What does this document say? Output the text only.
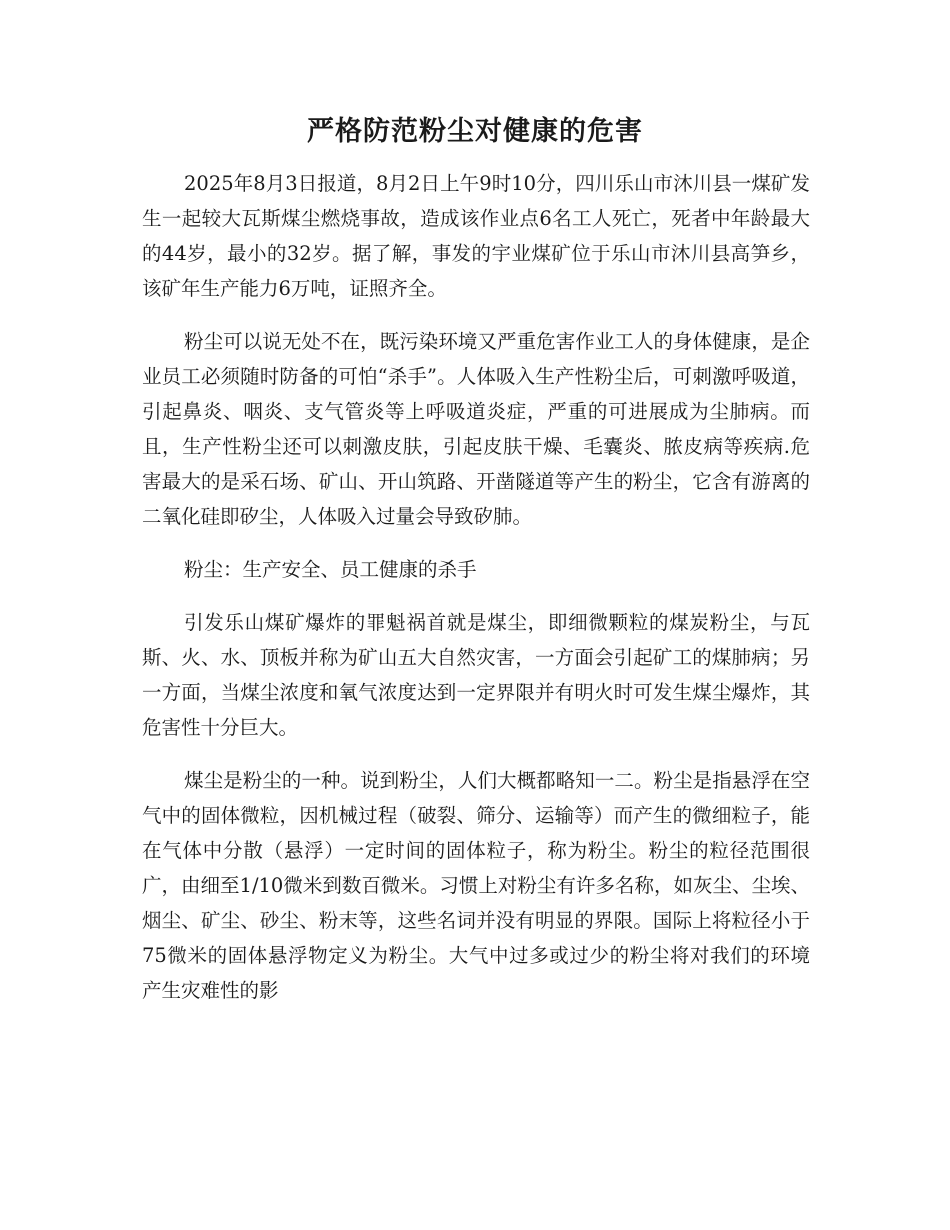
严格防范粉尘对健康的危害

2025年8月3日报道，8月2日上午9时10分，四川乐山市沐川县一煤矿发生一起较大瓦斯煤尘燃烧事故，造成该作业点6名工人死亡，死者中年龄最大的44岁，最小的32岁。据了解，事发的宇业煤矿位于乐山市沐川县高笋乡，该矿年生产能力6万吨，证照齐全。

粉尘可以说无处不在，既污染环境又严重危害作业工人的身体健康，是企业员工必须随时防备的可怕“杀手”。人体吸入生产性粉尘后，可刺激呼吸道，引起鼻炎、咽炎、支气管炎等上呼吸道炎症，严重的可进展成为尘肺病。而且，生产性粉尘还可以刺激皮肤，引起皮肤干燥、毛囊炎、脓皮病等疾病.危害最大的是采石场、矿山、开山筑路、开凿隧道等产生的粉尘，它含有游离的二氧化硅即矽尘，人体吸入过量会导致矽肺。

粉尘：生产安全、员工健康的杀手

引发乐山煤矿爆炸的罪魁祸首就是煤尘，即细微颗粒的煤炭粉尘，与瓦斯、火、水、顶板并称为矿山五大自然灾害，一方面会引起矿工的煤肺病；另一方面，当煤尘浓度和氧气浓度达到一定界限并有明火时可发生煤尘爆炸，其危害性十分巨大。

煤尘是粉尘的一种。说到粉尘，人们大概都略知一二。粉尘是指悬浮在空气中的固体微粒，因机械过程（破裂、筛分、运输等）而产生的微细粒子，能在气体中分散（悬浮）一定时间的固体粒子，称为粉尘。粉尘的粒径范围很广，由细至1/10微米到数百微米。习惯上对粉尘有许多名称，如灰尘、尘埃、烟尘、矿尘、砂尘、粉末等，这些名词并没有明显的界限。国际上将粒径小于75微米的固体悬浮物定义为粉尘。大气中过多或过少的粉尘将对我们的环境产生灾难性的影
